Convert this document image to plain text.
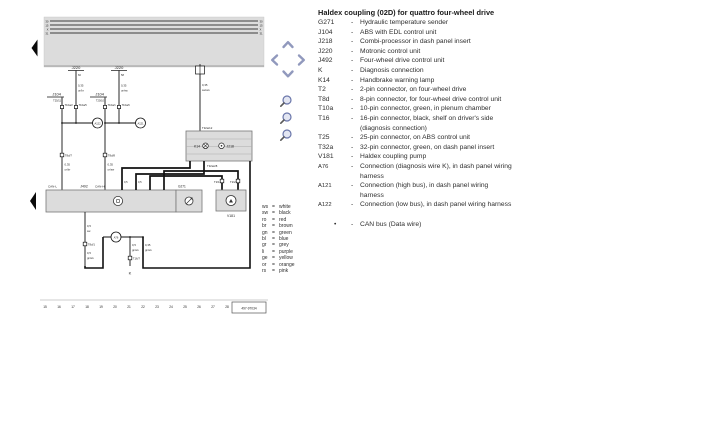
30
15
X
31
30
15
X
31
J220
60
0,35
or/br
J104
T25/11
T10a/2 T10a/5
A122
T8d/7
0,35
or/br
CAN-L
J220
58
0,35
or/sw
J104
T25/10
T10a/1 T10a/6
A121
T8d/8
0,35
or/sw
CAN-H
J492	G271
T2/1	T2/2
V181
0,35
sw/ws
T32a/12
K14	J218
0,5	0,5
T32a/28
0,5
sw
T8d/1
0,5
gr/ws
A76
0,5
gr/ws
T16/7
K
0,35
gr/ws
15	16	17	18	19	20	21	22	23	24	25	26	27	28	497-97034
Haldex coupling (02D) for quattro four-wheel drive
G271	-	Hydraulic temperature sender
J104	-	ABS with EDL control unit
J218	-	Combi-processor in dash panel insert
J220	-	Motronic control unit
J492	-	Four-wheel drive control unit
K	-	Diagnosis connection
K14	-	Handbrake warning lamp
T2	-	2-pin connector, on four-wheel drive
T8d	-	8-pin connector, for four-wheel drive control unit
T10a	-	10-pin connector, green, in plenum chamber
T16	-	16-pin connector, black, shelf on driver's side
(diagnosis connection)
T25	-	25-pin connector, on ABS control unit
T32a	-	32-pin connector, green, on dash panel insert
V181	-	Haldex coupling pump
A76	-	Connection (diagnosis wire K), in dash panel wiring
harness
A121	-	Connection (high bus), in dash panel wiring
harness
A122	-	Connection (low bus), in dash panel wiring harness
•	-	CAN bus (Data wire)
ws = white
sw = black
ro	= red
br	= brown
gn = green
bl	= blue
gr	= grey
li	= purple
ge = yellow
or	= orange
rs	= pink
